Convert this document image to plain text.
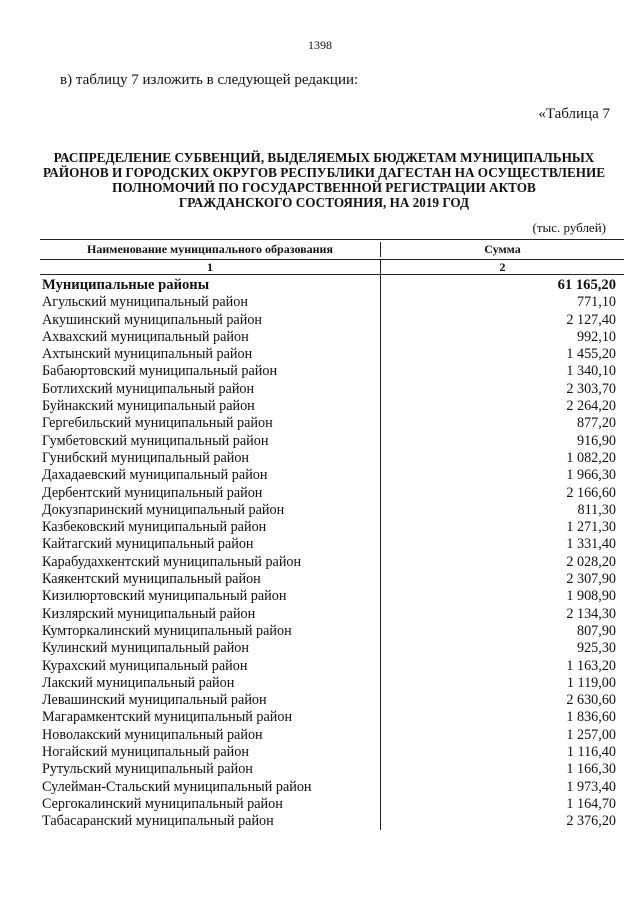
1398
в) таблицу 7 изложить в следующей редакции:
«Таблица 7
РАСПРЕДЕЛЕНИЕ СУБВЕНЦИЙ, ВЫДЕЛЯЕМЫХ БЮДЖЕТАМ МУНИЦИПАЛЬНЫХ
РАЙОНОВ И ГОРОДСКИХ ОКРУГОВ РЕСПУБЛИКИ ДАГЕСТАН НА ОСУЩЕСТВЛЕНИЕ
ПОЛНОМОЧИЙ ПО ГОСУДАРСТВЕННОЙ РЕГИСТРАЦИИ АКТОВ
ГРАЖДАНСКОГО СОСТОЯНИЯ, НА 2019 ГОД
(тыс. рублей)
Наименование муниципального образования	Сумма
1	2
Муниципальные районы	61 165,20
Агульский муниципальный район	771,10
Акушинский муниципальный район	2 127,40
Ахвахский муниципальный район	992,10
Ахтынский муниципальный район	1 455,20
Бабаюртовский муниципальный район	1 340,10
Ботлихский муниципальный район	2 303,70
Буйнакский муниципальный район	2 264,20
Гергебильский муниципальный район	877,20
Гумбетовский муниципальный район	916,90
Гунибский муниципальный район	1 082,20
Дахадаевский муниципальный район	1 966,30
Дербентский муниципальный район	2 166,60
Докузпаринский муниципальный район	811,30
Казбековский муниципальный район	1 271,30
Кайтагский муниципальный район	1 331,40
Карабудахкентский муниципальный район	2 028,20
Каякентский муниципальный район	2 307,90
Кизилюртовский муниципальный район	1 908,90
Кизлярский муниципальный район	2 134,30
Кумторкалинский муниципальный район	807,90
Кулинский муниципальный район	925,30
Курахский муниципальный район	1 163,20
Лакский муниципальный район	1 119,00
Левашинский муниципальный район	2 630,60
Магарамкентский муниципальный район	1 836,60
Новолакский муниципальный район	1 257,00
Ногайский муниципальный район	1 116,40
Рутульский муниципальный район	1 166,30
Сулейман-Стальский муниципальный район	1 973,40
Сергокалинский муниципальный район	1 164,70
Табасаранский муниципальный район	2 376,20
